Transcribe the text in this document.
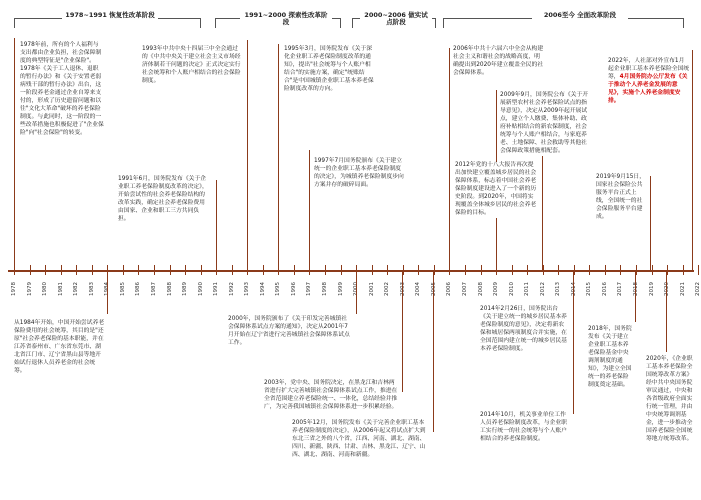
1978~1991 恢复性改革阶段	1991~2000 探索性改革阶段
2000~2006 做实试点阶段
2006至今 全面改革阶段
1978 1979 1980 1981 1982 1983 1984 1985 1986 1987 1988 1989 1990 1991 1992 1993 1994 1995 1996 1997 1998 1999 2000 2001 2002 2003 2004 2005 2006 2007 2008 2009 2010 2011 2012 2013 2014 2015 2016 2017 2018 2019 2020 2021 2022
1978年前，所有的个人福利与支出都由企业负担，社会保障制度的典型特征是"企业保险"。1978年《关于工人退休、退职的暂行办法》和《关于安置老弱病残干部的暂行办法》出台，这一阶段养老金通过企业自筹来支付的，形成了历史遗留问题和以往"文化大革命"破坏的养老保险制度。与此同时，这一阶段的一些改革措施也积极促进了"企业保险"向"社会保险"的转变。
1991年6月，国务院发布《关于企业职工养老保险制度改革的决定》，开始尝试性的社会养老保险结构的改革实践，确定社会养老保险费用由国家、企业和职工三方共同负担。
1993年中共中央十四届三中全会通过的《中共中央关于建立社会主义市场经济体制若干问题的决定》正式决定实行社会统筹和个人账户相结合的社会保险制度。
1995年3月，国务院发布《关于深化企业职工养老保险制度改革的通知》，提出"社会统筹与个人账户相结合"的实施方案，确定"统账结合"是中国城镇企业职工基本养老保险制度改革的方向。
1997年7月国务院颁布《关于建立统一的企业职工基本养老保险制度的决定》，为城镇养老保险制度步向方案并存的破碎局面。
2006年中共十六届六中全会从构建社会主义和谐社会的战略高度，明确提出到2020年建立覆盖全民的社会保障体系。
2009年9月，国务院公布《关于开展新型农村社会养老保险试点的指导意见》，决定从2009年起开展试点，建立个人缴费、集体补助、政府补贴相结合的新农保制度，社会统筹与个人账户相结合，与家庭养老、土地保障、社会救助等其他社会保障政策措施相配套。
2012年党的十八大报告再次提出加快建立覆盖城乡居民的社会保障体系，标志着中国社会养老保险制度建设进入了一个新的历史阶段。到2020年，中国将实现覆盖全体城乡居民的社会养老保险的目标。
2019年9月15日，国家社会保险公共服务平台正式上线，全国统一的社会保险服务平台建成。
2022年，人社部对外宣布1月起企业职工基本养老保险全国统筹，4月国务院办公厅发布《关于推动个人养老金发展的意见》，实施个人养老金制度安排。
从1984年开始，中国开始尝试养老保险费用的社会统筹，其目的是"还原"社会养老保险的基本职能，并在江苏省泰州市、广东省东莞市、湖北省江门市、辽宁省黑山县等地开始试行退休人员养老金的社会统筹。
2000年，国务院颁布了《关于印发完善城镇社会保障体系试点方案的通知》，决定从2001年7月开始在辽宁省进行完善城镇社会保障体系试点工作。
2003年，党中央、国务院决定，在黑龙江和吉林两省进行扩大完善城镇社会保障体系试点工作，推进在全省范围建立养老保险统一、一体化，总结经验并推广，为完善我国城镇社会保障体系进一步积累经验。
2005年12月，国务院发布《关于完善企业职工基本养老保险制度的决定》，从2006年起又将试点扩大到东北三省之外的八个省，江西、河南、湖北、湖南、四川、新疆、陕西、甘肃、吉林、黑龙江、辽宁、山西、湖北、湖南、河南和新疆。
2014年2月26日，国务院出台《关于建立统一的城乡居民基本养老保险制度的意见》，决定将新农保和城居保两项制度合并实施，在全国范围内建立统一的城乡居民基本养老保险制度。
2014年10月，机关事业单位工作人员养老保险制度改革，与企业职工实行统一的社会统筹与个人账户相结合的养老保险制度。
2018年，国务院发布《关于建立企业职工基本养老保险基金中央调剂制度的通知》，为建立全国统一的养老保险制度奠定基础。
2020年，《企业职工基本养老保险全国统筹改革方案》经中共中央国务院审议通过，中央和各省级政府全面实行统一管理，并由中央统筹调剂基金，进一步推动全国养老保险全国统筹地方统筹改革。
